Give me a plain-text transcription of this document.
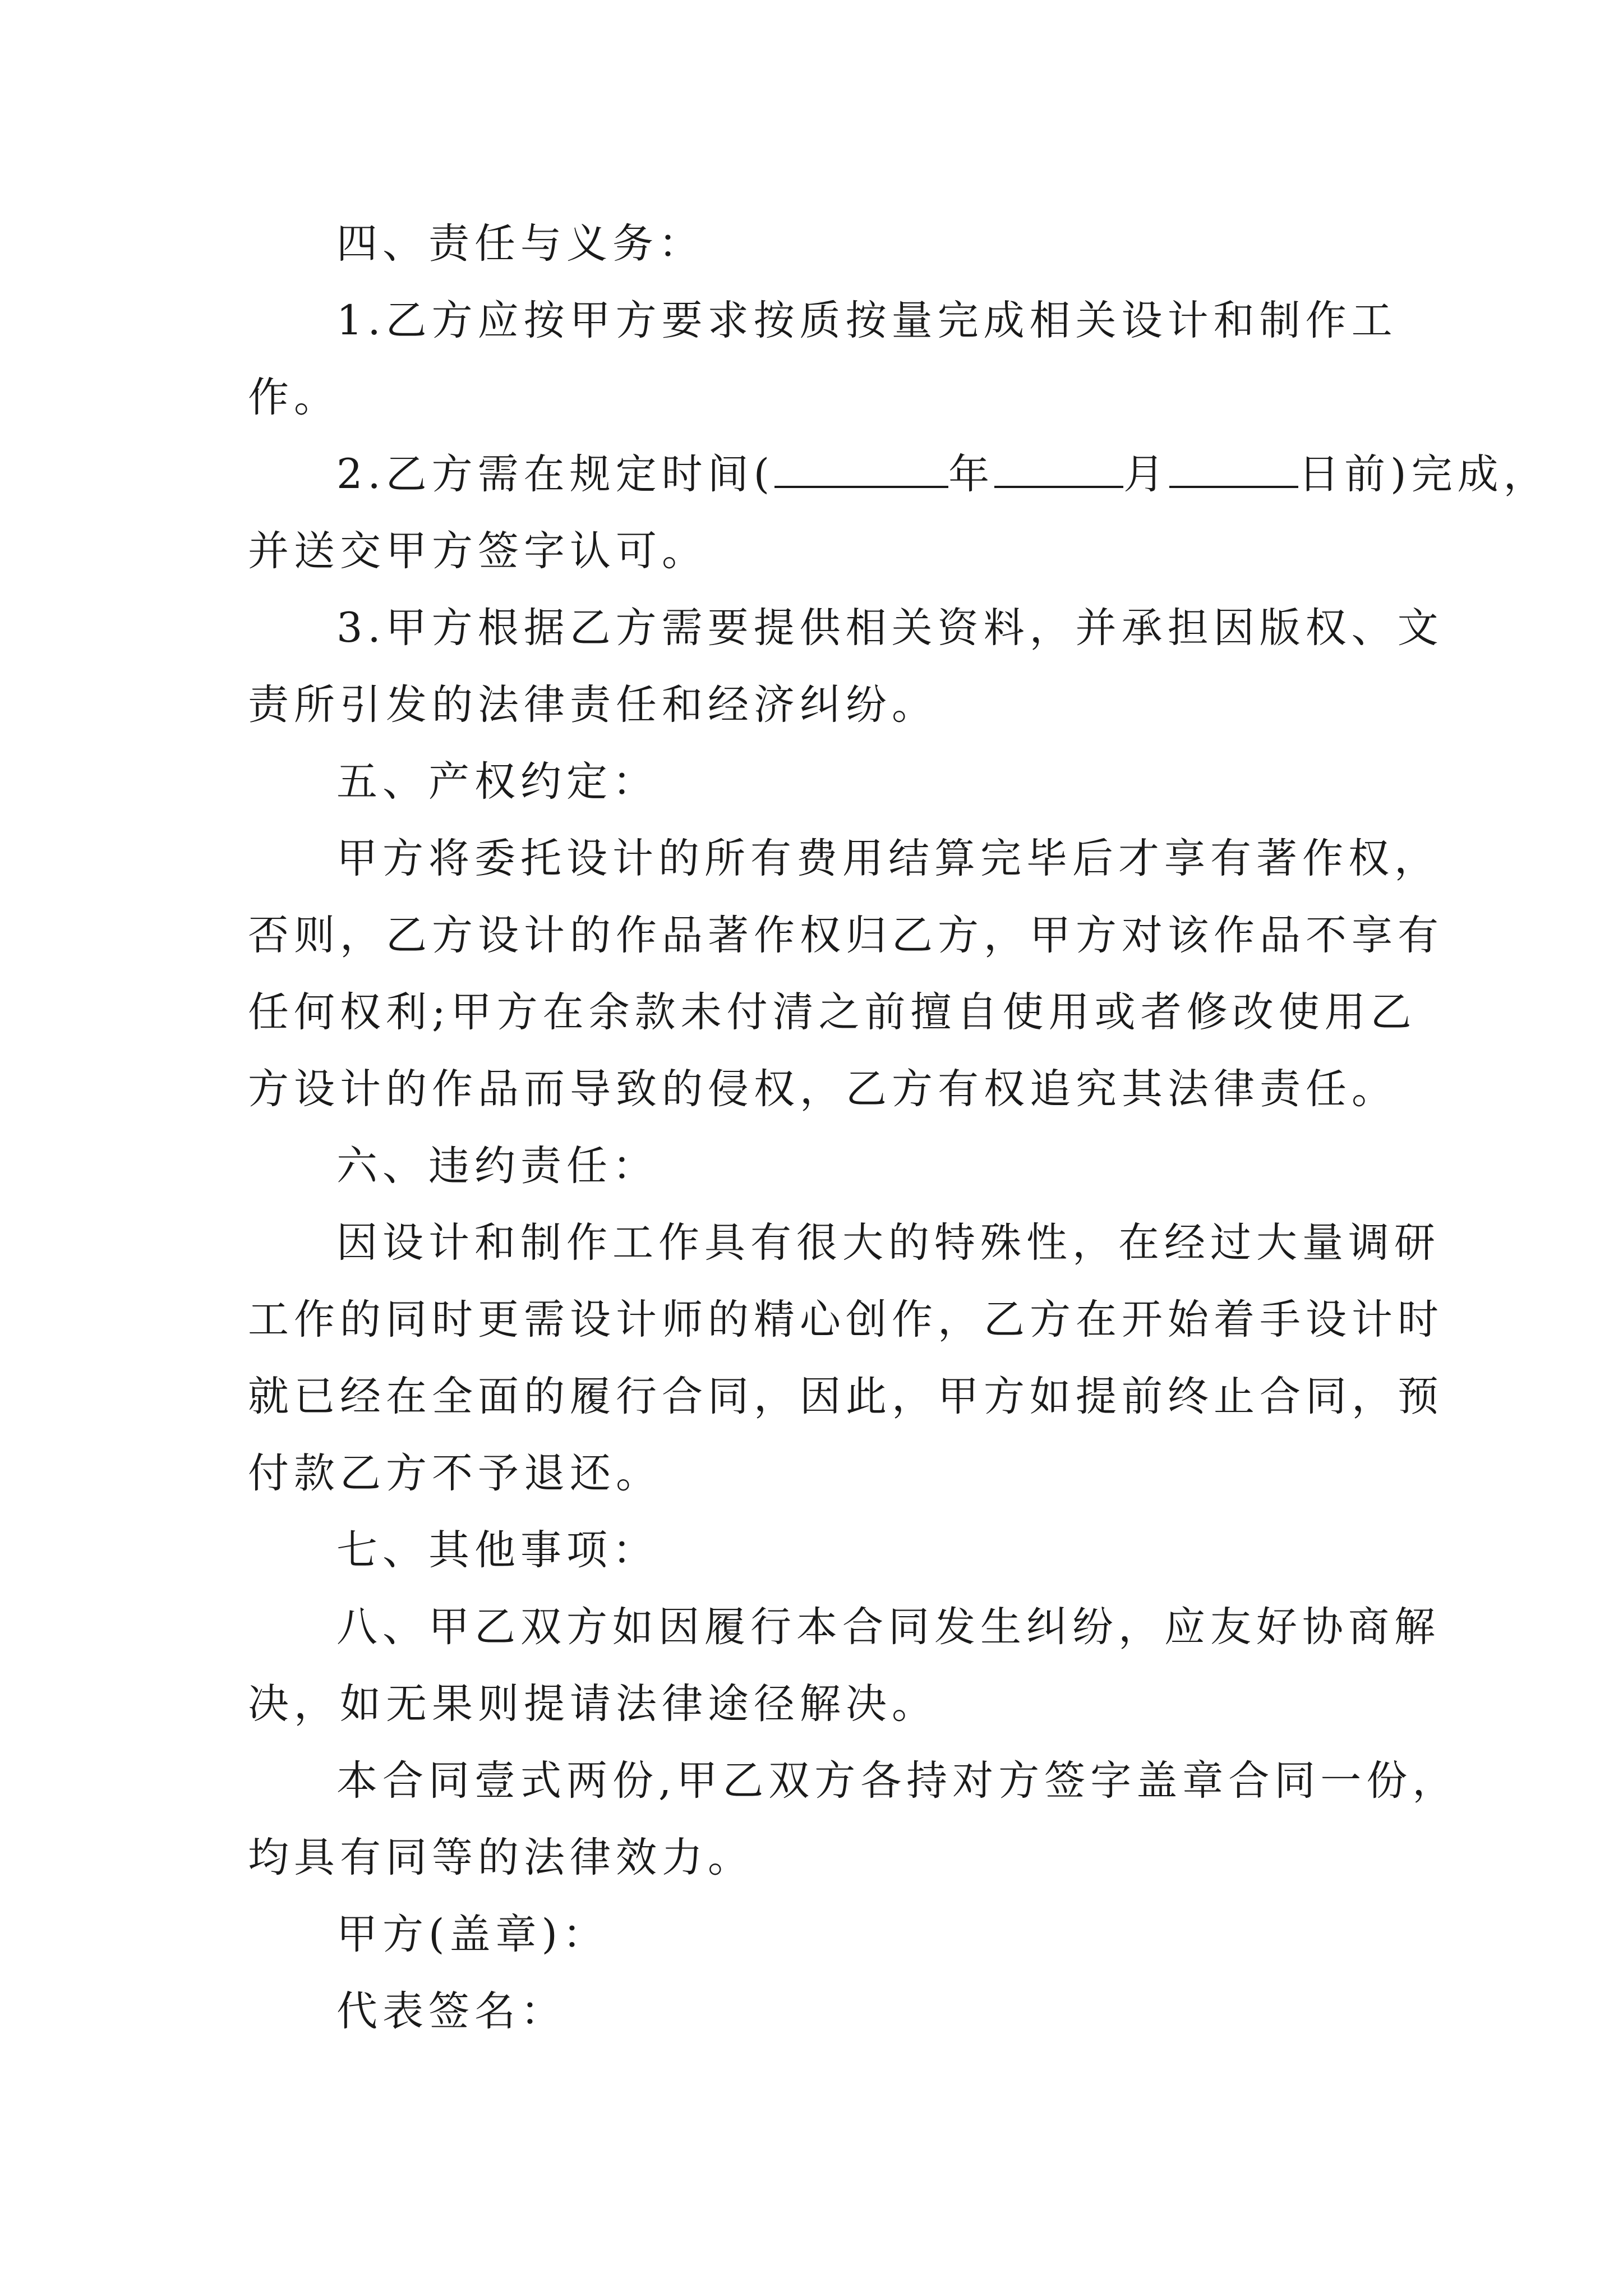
四、责任与义务：
1.乙方应按甲方要求按质按量完成相关设计和制作工
作。
2.乙方需在规定时间(	年	月	日前)完成，
并送交甲方签字认可。
3.甲方根据乙方需要提供相关资料，并承担因版权、文
责所引发的法律责任和经济纠纷。
五、产权约定：
甲方将委托设计的所有费用结算完毕后才享有著作权，
否则，乙方设计的作品著作权归乙方，甲方对该作品不享有
任何权利;甲方在余款未付清之前擅自使用或者修改使用乙
方设计的作品而导致的侵权，乙方有权追究其法律责任。
六、违约责任：
因设计和制作工作具有很大的特殊性，在经过大量调研
工作的同时更需设计师的精心创作，乙方在开始着手设计时
就已经在全面的履行合同，因此，甲方如提前终止合同，预
付款乙方不予退还。
七、其他事项：
八、甲乙双方如因履行本合同发生纠纷，应友好协商解
决，如无果则提请法律途径解决。
本合同壹式两份,甲乙双方各持对方签字盖章合同一份，
均具有同等的法律效力。
甲方(盖章)：
代表签名：
